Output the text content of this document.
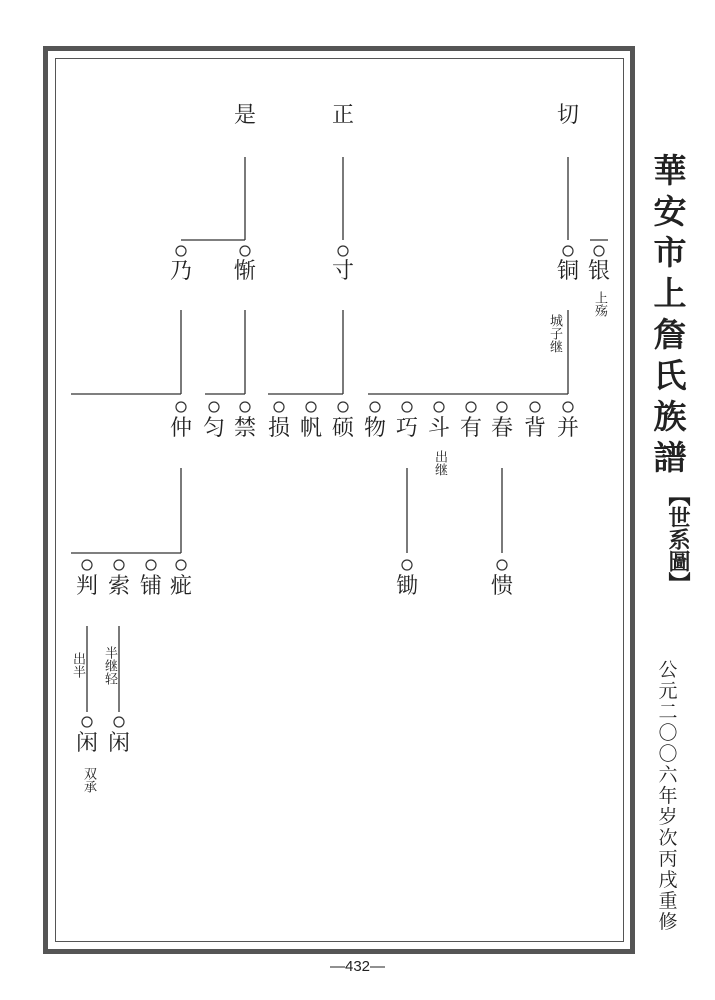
是	正	切
乃 惭	寸	铜 银
上殇
城子继
仲 匀 禁 损 帆 硕 物 巧 斗 有 春 背 并
出继
判 索 铺 疵	锄	愦
出半 半继轻
闲 闲
双承
華安市上詹氏族譜
【世系圖】
公元二〇〇六年岁次丙戌重修
—432—
